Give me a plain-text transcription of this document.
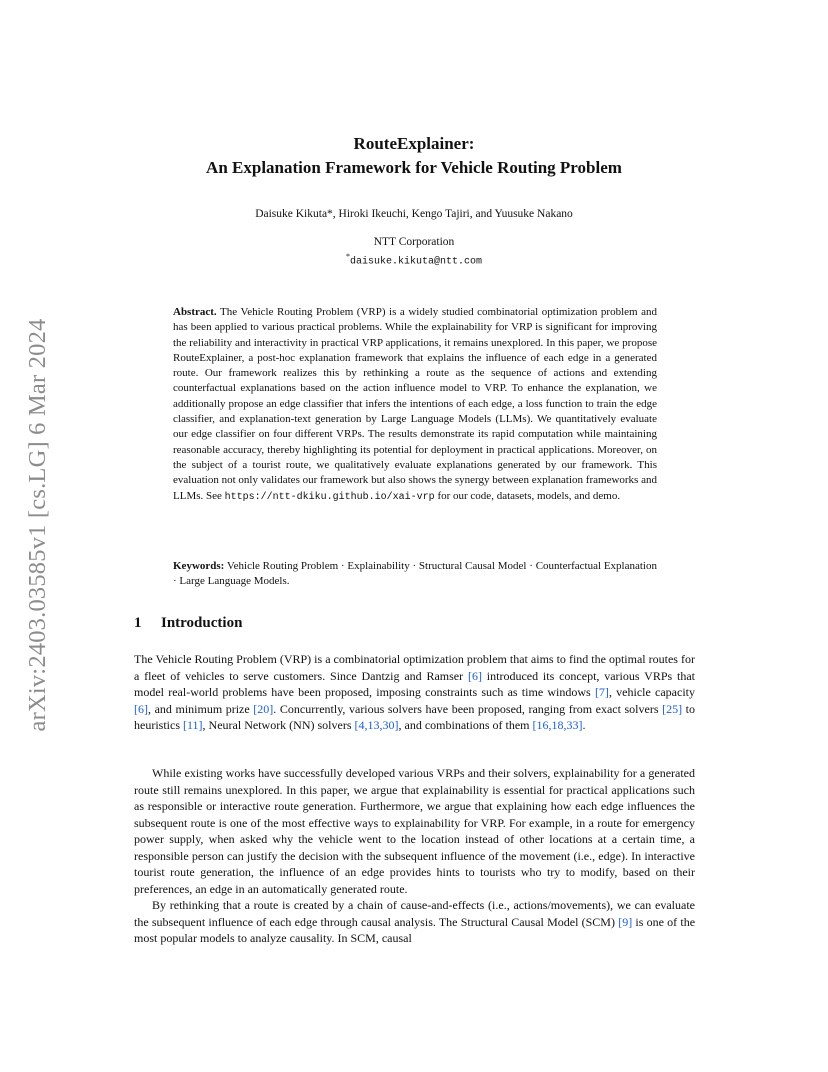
arXiv:2403.03585v1 [cs.LG] 6 Mar 2024
RouteExplainer:
An Explanation Framework for Vehicle Routing Problem
Daisuke Kikuta*, Hiroki Ikeuchi, Kengo Tajiri, and Yuusuke Nakano
NTT Corporation
*daisuke.kikuta@ntt.com

Abstract. The Vehicle Routing Problem (VRP) is a widely studied combinatorial optimization problem and has been applied to various practical problems. While the explainability for VRP is significant for improving the reliability and interactivity in practical VRP applications, it remains unexplored. In this paper, we propose RouteExplainer, a post-hoc explanation framework that explains the influence of each edge in a generated route. Our framework realizes this by rethinking a route as the sequence of actions and extending counterfactual explanations based on the action influence model to VRP. To enhance the explanation, we additionally propose an edge classifier that infers the intentions of each edge, a loss function to train the edge classifier, and explanation-text generation by Large Language Models (LLMs). We quantitatively evaluate our edge classifier on four different VRPs. The results demonstrate its rapid computation while maintaining reasonable accuracy, thereby highlighting its potential for deployment in practical applications. Moreover, on the subject of a tourist route, we qualitatively evaluate explanations generated by our framework. This evaluation not only validates our framework but also shows the synergy between explanation frameworks and LLMs. See https://ntt-dkiku.github.io/xai-vrp for our code, datasets, models, and demo.

Keywords: Vehicle Routing Problem · Explainability · Structural Causal Model · Counterfactual Explanation · Large Language Models.

1 Introduction

The Vehicle Routing Problem (VRP) is a combinatorial optimization problem that aims to find the optimal routes for a fleet of vehicles to serve customers. Since Dantzig and Ramser [6] introduced its concept, various VRPs that model real-world problems have been proposed, imposing constraints such as time windows [7], vehicle capacity [6], and minimum prize [20]. Concurrently, various solvers have been proposed, ranging from exact solvers [25] to heuristics [11], Neural Network (NN) solvers [4,13,30], and combinations of them [16,18,33].

While existing works have successfully developed various VRPs and their solvers, explainability for a generated route still remains unexplored. In this paper, we argue that explainability is essential for practical applications such as responsible or interactive route generation. Furthermore, we argue that explaining how each edge influences the subsequent route is one of the most effective ways to explainability for VRP. For example, in a route for emergency power supply, when asked why the vehicle went to the location instead of other locations at a certain time, a responsible person can justify the decision with the subsequent influence of the movement (i.e., edge). In interactive tourist route generation, the influence of an edge provides hints to tourists who try to modify, based on their preferences, an edge in an automatically generated route.

By rethinking that a route is created by a chain of cause-and-effects (i.e., actions/movements), we can evaluate the subsequent influence of each edge through causal analysis. The Structural Causal Model (SCM) [9] is one of the most popular models to analyze causality. In SCM, causal
